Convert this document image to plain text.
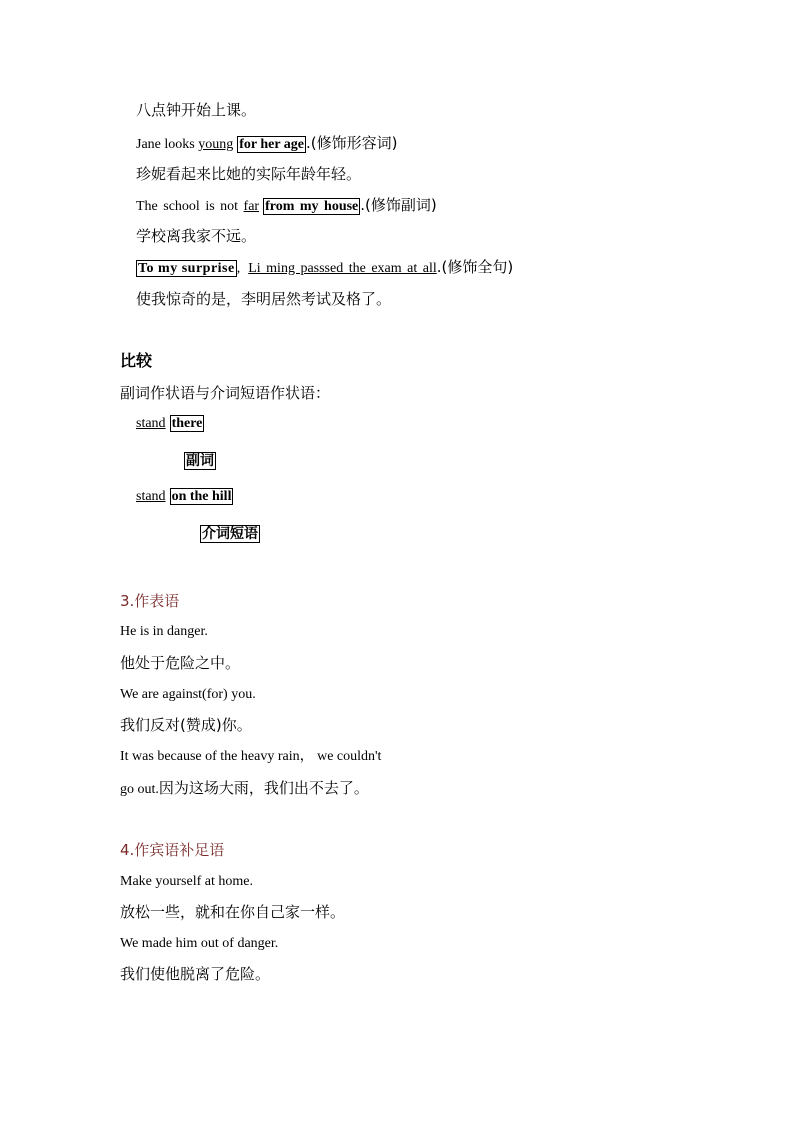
八点钟开始上课。
Jane looks young for her age .(修饰形容词)
珍妮看起来比她的实际年龄年轻。
The school is not far from my house .(修饰副词)
学校离我家不远。
To my surprise , Li ming passsed the exam at all.(修饰全句)
使我惊奇的是，李明居然考试及格了。
比较
副词作状语与介词短语作状语：
stand there
副词
stand on the hill
介词短语
3.作表语
He is in danger.
他处于危险之中。
We are against(for) you.
我们反对(赞成)你。
It was because of the heavy rain， we couldn't
go out.因为这场大雨，我们出不去了。
4.作宾语补足语
Make yourself at home.
放松一些，就和在你自己家一样。
We made him out of danger.
我们使他脱离了危险。
